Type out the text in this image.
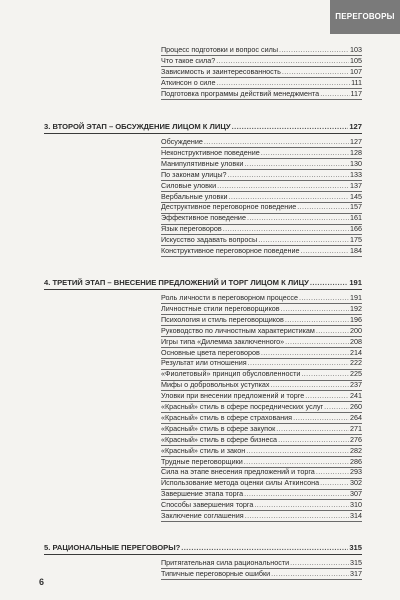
ПЕРЕГОВОРЫ
Процесс подготовки и вопрос силы .....	103
Что такое сила? .....	105
Зависимость и заинтересованность .....	107
Аткинсон о силе .....	111
Подготовка программы действий менеджмента .....	117
3. ВТОРОЙ ЭТАП – ОБСУЖДЕНИЕ ЛИЦОМ К ЛИЦУ .....	127
Обсуждение .....	127
Неконструктивное поведение .....	128
Манипулятивные уловки .....	130
По законам улицы? .....	133
Силовые уловки .....	137
Вербальные уловки .....	145
Деструктивное переговорное поведение .....	157
Эффективное поведение .....	161
Язык переговоров .....	166
Искусство задавать вопросы .....	175
Конструктивное переговорное поведение .....	184
4. ТРЕТИЙ ЭТАП – ВНЕСЕНИЕ ПРЕДЛОЖЕНИЙ И ТОРГ ЛИЦОМ К ЛИЦУ .....	191
Роль личности в переговорном процессе .....	191
Личностные стили переговорщиков .....	192
Психология и стиль переговорщиков .....	196
Руководство по личностным характеристикам .....	200
Игры типа «Дилемма заключенного» .....	208
Основные цвета переговоров .....	214
Результат или отношения .....	222
«Фиолетовый» принцип обусловленности .....	225
Мифы о добровольных уступках .....	237
Уловки при внесении предложений и торге .....	241
«Красный» стиль в сфере посреднических услуг .....	260
«Красный» стиль в сфере страхования .....	264
«Красный» стиль в сфере закупок .....	271
«Красный» стиль в сфере бизнеса .....	276
«Красный» стиль и закон .....	282
Трудные переговорщики .....	286
Сила на этапе внесения предложений и торга .....	293
Использование метода оценки силы Аткинсона .....	302
Завершение этапа торга .....	307
Способы завершения торга .....	310
Заключение соглашения .....	314
5. РАЦИОНАЛЬНЫЕ ПЕРЕГОВОРЫ? .....	315
Притягательная сила рациональности .....	315
Типичные переговорные ошибки .....	317
6
